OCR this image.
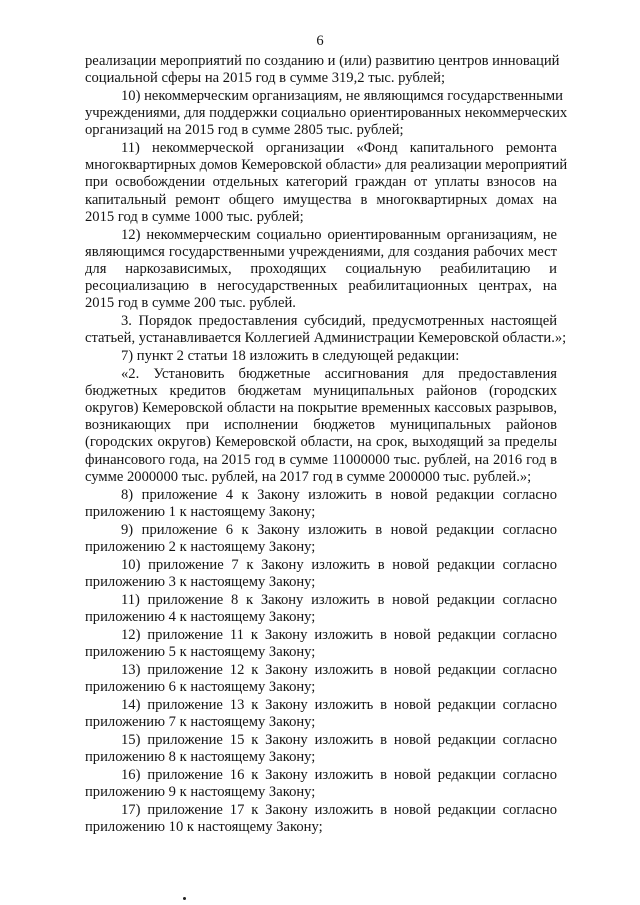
6
реализации мероприятий по созданию и (или) развитию центров инноваций
социальной сферы на 2015 год в сумме 319,2 тыс. рублей;
10) некоммерческим организациям, не являющимся государственными
учреждениями, для поддержки социально ориентированных некоммерческих
организаций на 2015 год в сумме 2805 тыс. рублей;
11) некоммерческой организации «Фонд капитального ремонта
многоквартирных домов Кемеровской области» для реализации мероприятий
при освобождении отдельных категорий граждан от уплаты взносов на
капитальный ремонт общего имущества в многоквартирных домах на
2015 год в сумме 1000 тыс. рублей;
12) некоммерческим социально ориентированным организациям, не
являющимся государственными учреждениями, для создания рабочих мест
для наркозависимых, проходящих социальную реабилитацию и
ресоциализацию в негосударственных реабилитационных центрах, на
2015 год в сумме 200 тыс. рублей.
3. Порядок предоставления субсидий, предусмотренных настоящей
статьей, устанавливается Коллегией Администрации Кемеровской области.»;
7) пункт 2 статьи 18 изложить в следующей редакции:
«2. Установить бюджетные ассигнования для предоставления
бюджетных кредитов бюджетам муниципальных районов (городских
округов) Кемеровской области на покрытие временных кассовых разрывов,
возникающих при исполнении бюджетов муниципальных районов
(городских округов) Кемеровской области, на срок, выходящий за пределы
финансового года, на 2015 год в сумме 11000000 тыс. рублей, на 2016 год в
сумме 2000000 тыс. рублей, на 2017 год в сумме 2000000 тыс. рублей.»;
8) приложение 4 к Закону изложить в новой редакции согласно
приложению 1 к настоящему Закону;
9) приложение 6 к Закону изложить в новой редакции согласно
приложению 2 к настоящему Закону;
10) приложение 7 к Закону изложить в новой редакции согласно
приложению 3 к настоящему Закону;
11) приложение 8 к Закону изложить в новой редакции согласно
приложению 4 к настоящему Закону;
12) приложение 11 к Закону изложить в новой редакции согласно
приложению 5 к настоящему Закону;
13) приложение 12 к Закону изложить в новой редакции согласно
приложению 6 к настоящему Закону;
14) приложение 13 к Закону изложить в новой редакции согласно
приложению 7 к настоящему Закону;
15) приложение 15 к Закону изложить в новой редакции согласно
приложению 8 к настоящему Закону;
16) приложение 16 к Закону изложить в новой редакции согласно
приложению 9 к настоящему Закону;
17) приложение 17 к Закону изложить в новой редакции согласно
приложению 10 к настоящему Закону;
